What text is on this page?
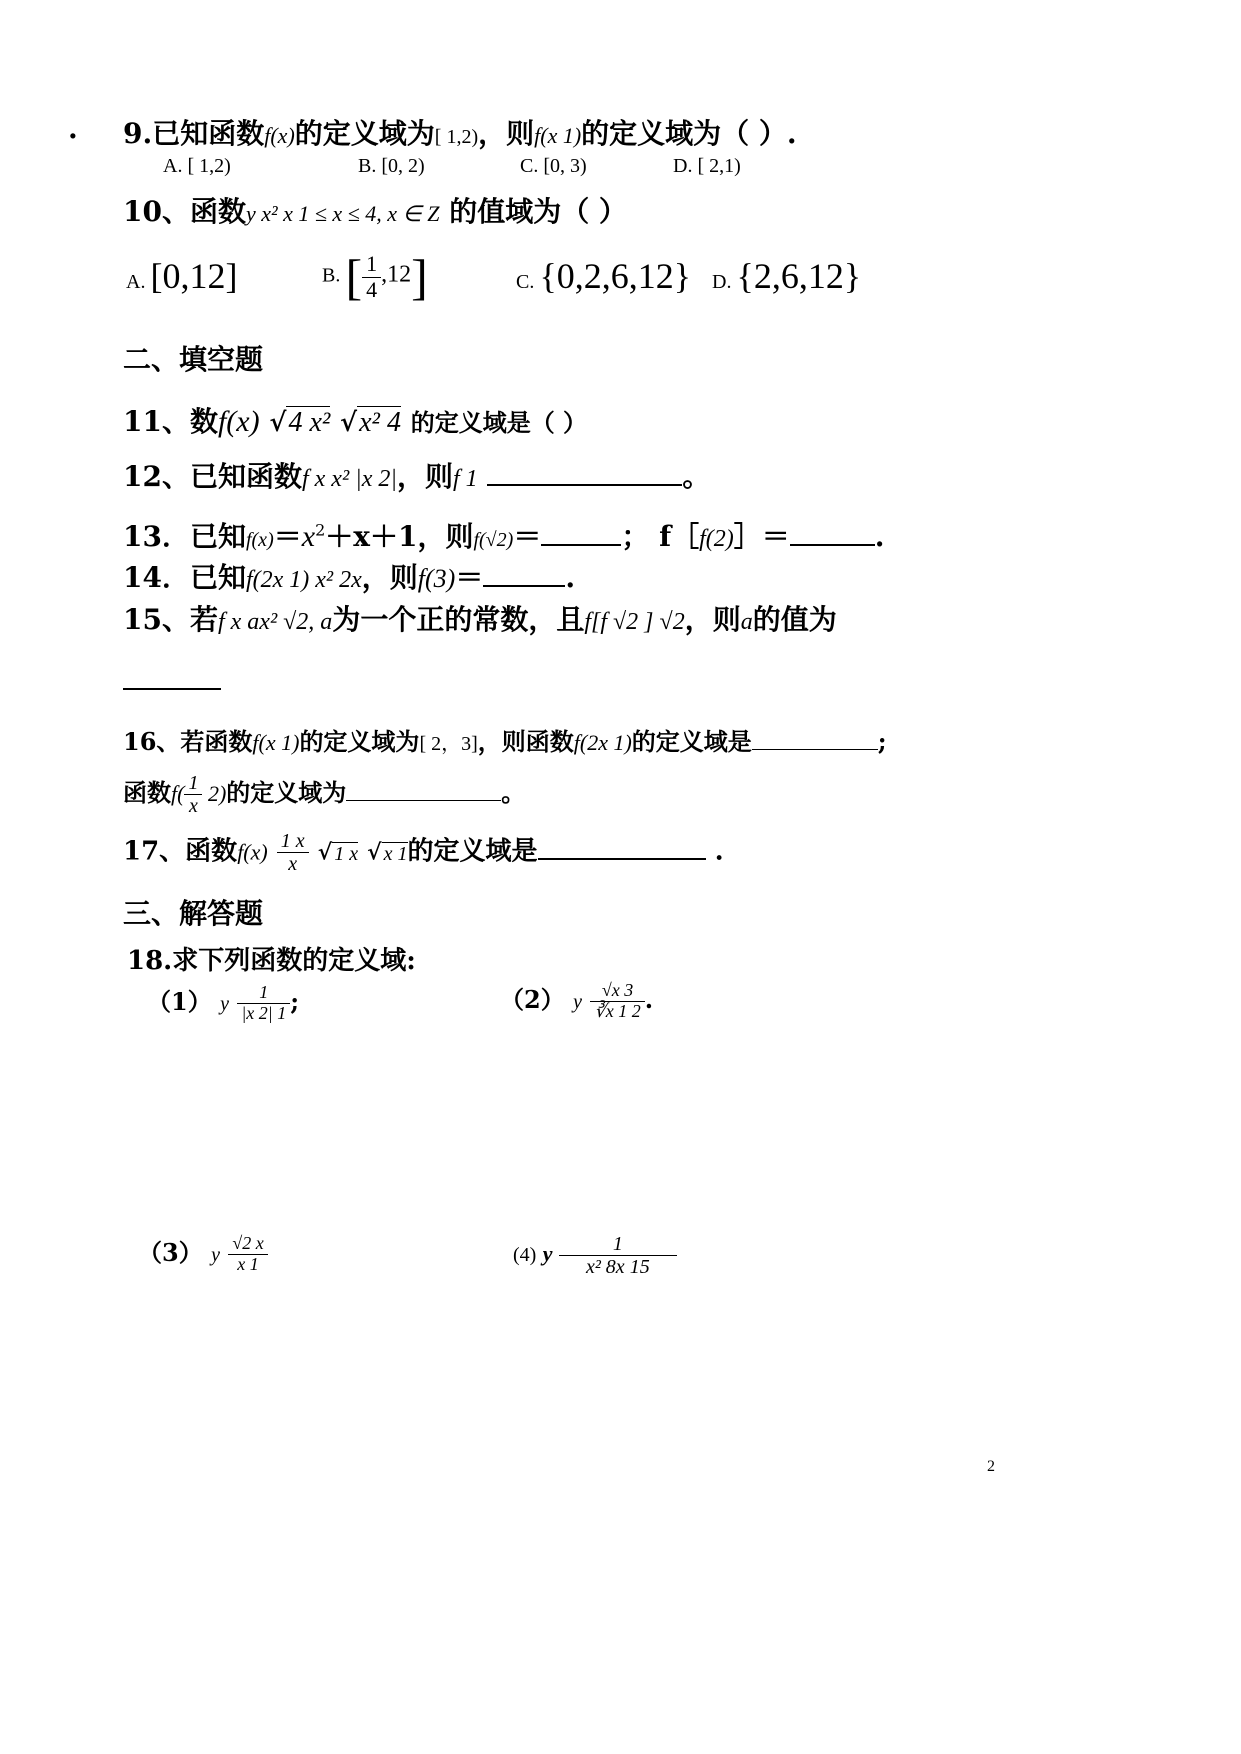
. 9.已知函数f(x)的定义域为[ 1,2)，则f(x 1)的定义域为（ ）.
A. [ 1,2)	B. [0, 2)	C. [0, 3)	D. [ 2,1)
10、函数y x² x 1 ≤ x ≤ 4, x ∈ Z 的值域为（ ）
A. [0,12]	B. [ $\frac{1}{4} ,12$]	C. {0,2,6,12} D. {2,6,12}
二、填空题
11、数f(x) √4 x² √x² 4 的定义域是（ ）
12、已知函数f x x² |x 2|，则f 1	。
13．已知$f(x)=x^2+x+1$，则f(√2)＝	； f［f(2)］＝	.
14．已知f(2x 1) x² 2x，则f(3)＝	.
15、若f x ax² √2, a为一个正的常数，且f[f √2 ] √2，则a的值为
16、若函数f(x 1)的定义域为[ 2，3]，则函数f(2x 1)的定义域是	;
函数$f( \frac{1}{x} 2)$的定义域为	。
17、函数$f(x) \frac{1 x}{x}$ √ 1 x √ x 1的定义域是	.
三、解答题
18.求下列函数的定义域:
（1） y $\frac{1}{|x 2| 1}$ ;	（2） y $\frac{√x 3}{∛x 1 2}$ .
（3） y $\frac{√2 x}{x 1}$	(4) y $\frac{1}{\text{x² 8x 15}}$
2
